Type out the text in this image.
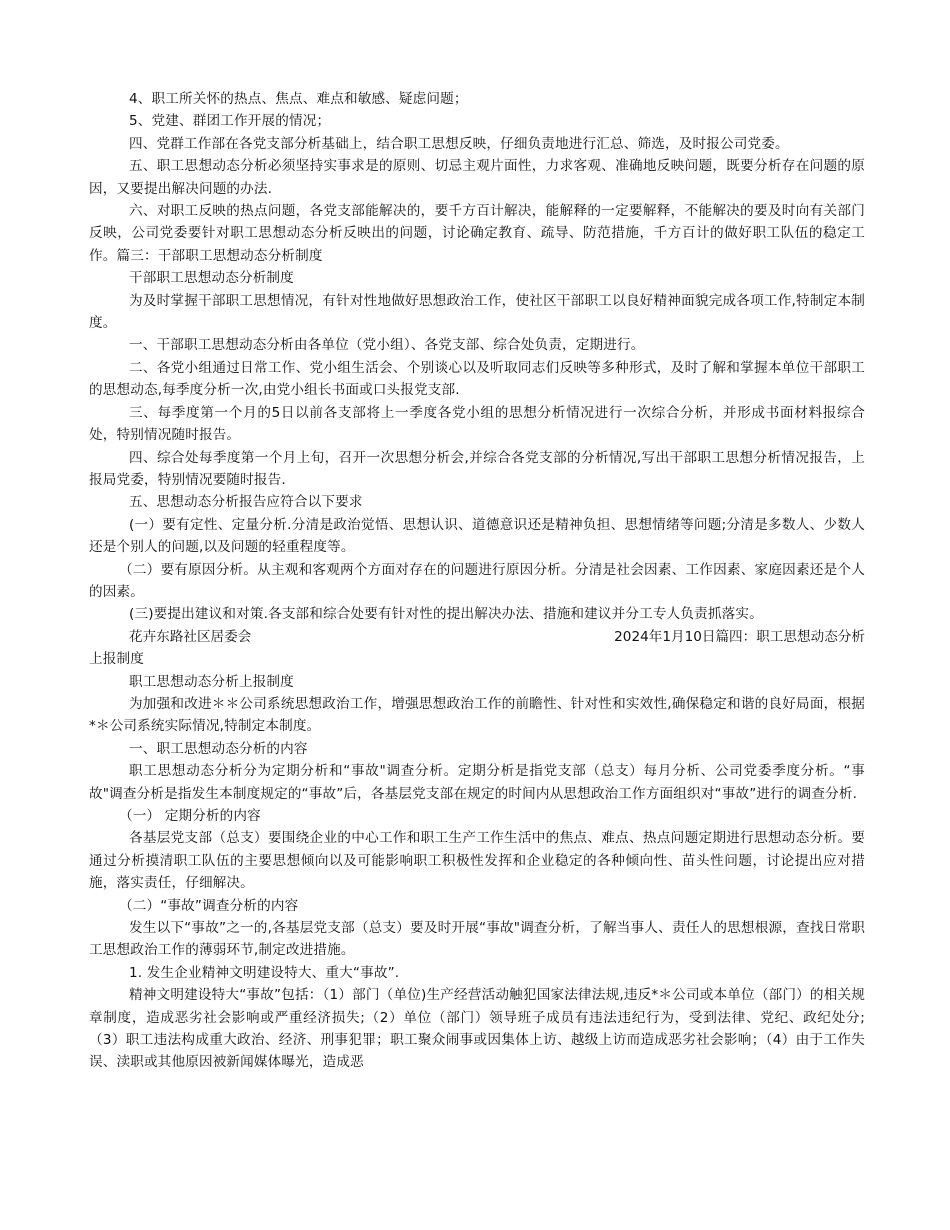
4、职工所关怀的热点、焦点、难点和敏感、疑虑问题；

5、党建、群团工作开展的情况；

四、党群工作部在各党支部分析基础上，结合职工思想反映，仔细负责地进行汇总、筛选，及时报公司党委。

五、职工思想动态分析必须坚持实事求是的原则、切忌主观片面性，力求客观、准确地反映问题，既要分析存在问题的原因，又要提出解决问题的办法.

六、对职工反映的热点问题，各党支部能解决的，要千方百计解决，能解释的一定要解释，不能解决的要及时向有关部门反映，公司党委要针对职工思想动态分析反映出的问题，讨论确定教育、疏导、防范措施，千方百计的做好职工队伍的稳定工作。篇三：干部职工思想动态分析制度

干部职工思想动态分析制度

为及时掌握干部职工思想情况，有针对性地做好思想政治工作，使社区干部职工以良好精神面貌完成各项工作,特制定本制度。

一、干部职工思想动态分析由各单位（党小组）、各党支部、综合处负责，定期进行。

二、各党小组通过日常工作、党小组生活会、个别谈心以及听取同志们反映等多种形式，及时了解和掌握本单位干部职工的思想动态,每季度分析一次,由党小组长书面或口头报党支部.

三、每季度第一个月的5日以前各支部将上一季度各党小组的思想分析情况进行一次综合分析，并形成书面材料报综合处，特别情况随时报告。

四、综合处每季度第一个月上旬，召开一次思想分析会,并综合各党支部的分析情况,写出干部职工思想分析情况报告，上报局党委，特别情况要随时报告.

五、思想动态分析报告应符合以下要求

(一）要有定性、定量分析.分清是政治觉悟、思想认识、道德意识还是精神负担、思想情绪等问题;分清是多数人、少数人还是个别人的问题,以及问题的轻重程度等。

（二）要有原因分析。从主观和客观两个方面对存在的问题进行原因分析。分清是社会因素、工作因素、家庭因素还是个人的因素。

(三)要提出建议和对策.各支部和综合处要有针对性的提出解决办法、措施和建议并分工专人负责抓落实。

花卉东路社区居委会	2024年1月10日篇四：职工思想动态分析

上报制度

职工思想动态分析上报制度

为加强和改进＊＊公司系统思想政治工作，增强思想政治工作的前瞻性、针对性和实效性,确保稳定和谐的良好局面，根据*＊公司系统实际情况,特制定本制度。

一、职工思想动态分析的内容

职工思想动态分析分为定期分析和“事故"调查分析。定期分析是指党支部（总支）每月分析、公司党委季度分析。“事故"调查分析是指发生本制度规定的“事故”后，各基层党支部在规定的时间内从思想政治工作方面组织对“事故”进行的调查分析.

（一） 定期分析的内容

各基层党支部（总支）要围绕企业的中心工作和职工生产工作生活中的焦点、难点、热点问题定期进行思想动态分析。要通过分析摸清职工队伍的主要思想倾向以及可能影响职工积极性发挥和企业稳定的各种倾向性、苗头性问题，讨论提出应对措施，落实责任，仔细解决。

（二）“事故”调查分析的内容

发生以下“事故”之一的,各基层党支部（总支）要及时开展“事故"调查分析，了解当事人、责任人的思想根源，查找日常职工思想政治工作的薄弱环节,制定改进措施。

1. 发生企业精神文明建设特大、重大“事故”.

精神文明建设特大“事故”包括：（1）部门（单位)生产经营活动触犯国家法律法规,违反*＊公司或本单位（部门）的相关规章制度，造成恶劣社会影响或严重经济损失;（2）单位（部门）领导班子成员有违法违纪行为，受到法律、党纪、政纪处分;（3）职工违法构成重大政治、经济、刑事犯罪；职工聚众闹事或因集体上访、越级上访而造成恶劣社会影响；（4）由于工作失误、渎职或其他原因被新闻媒体曝光，造成恶
